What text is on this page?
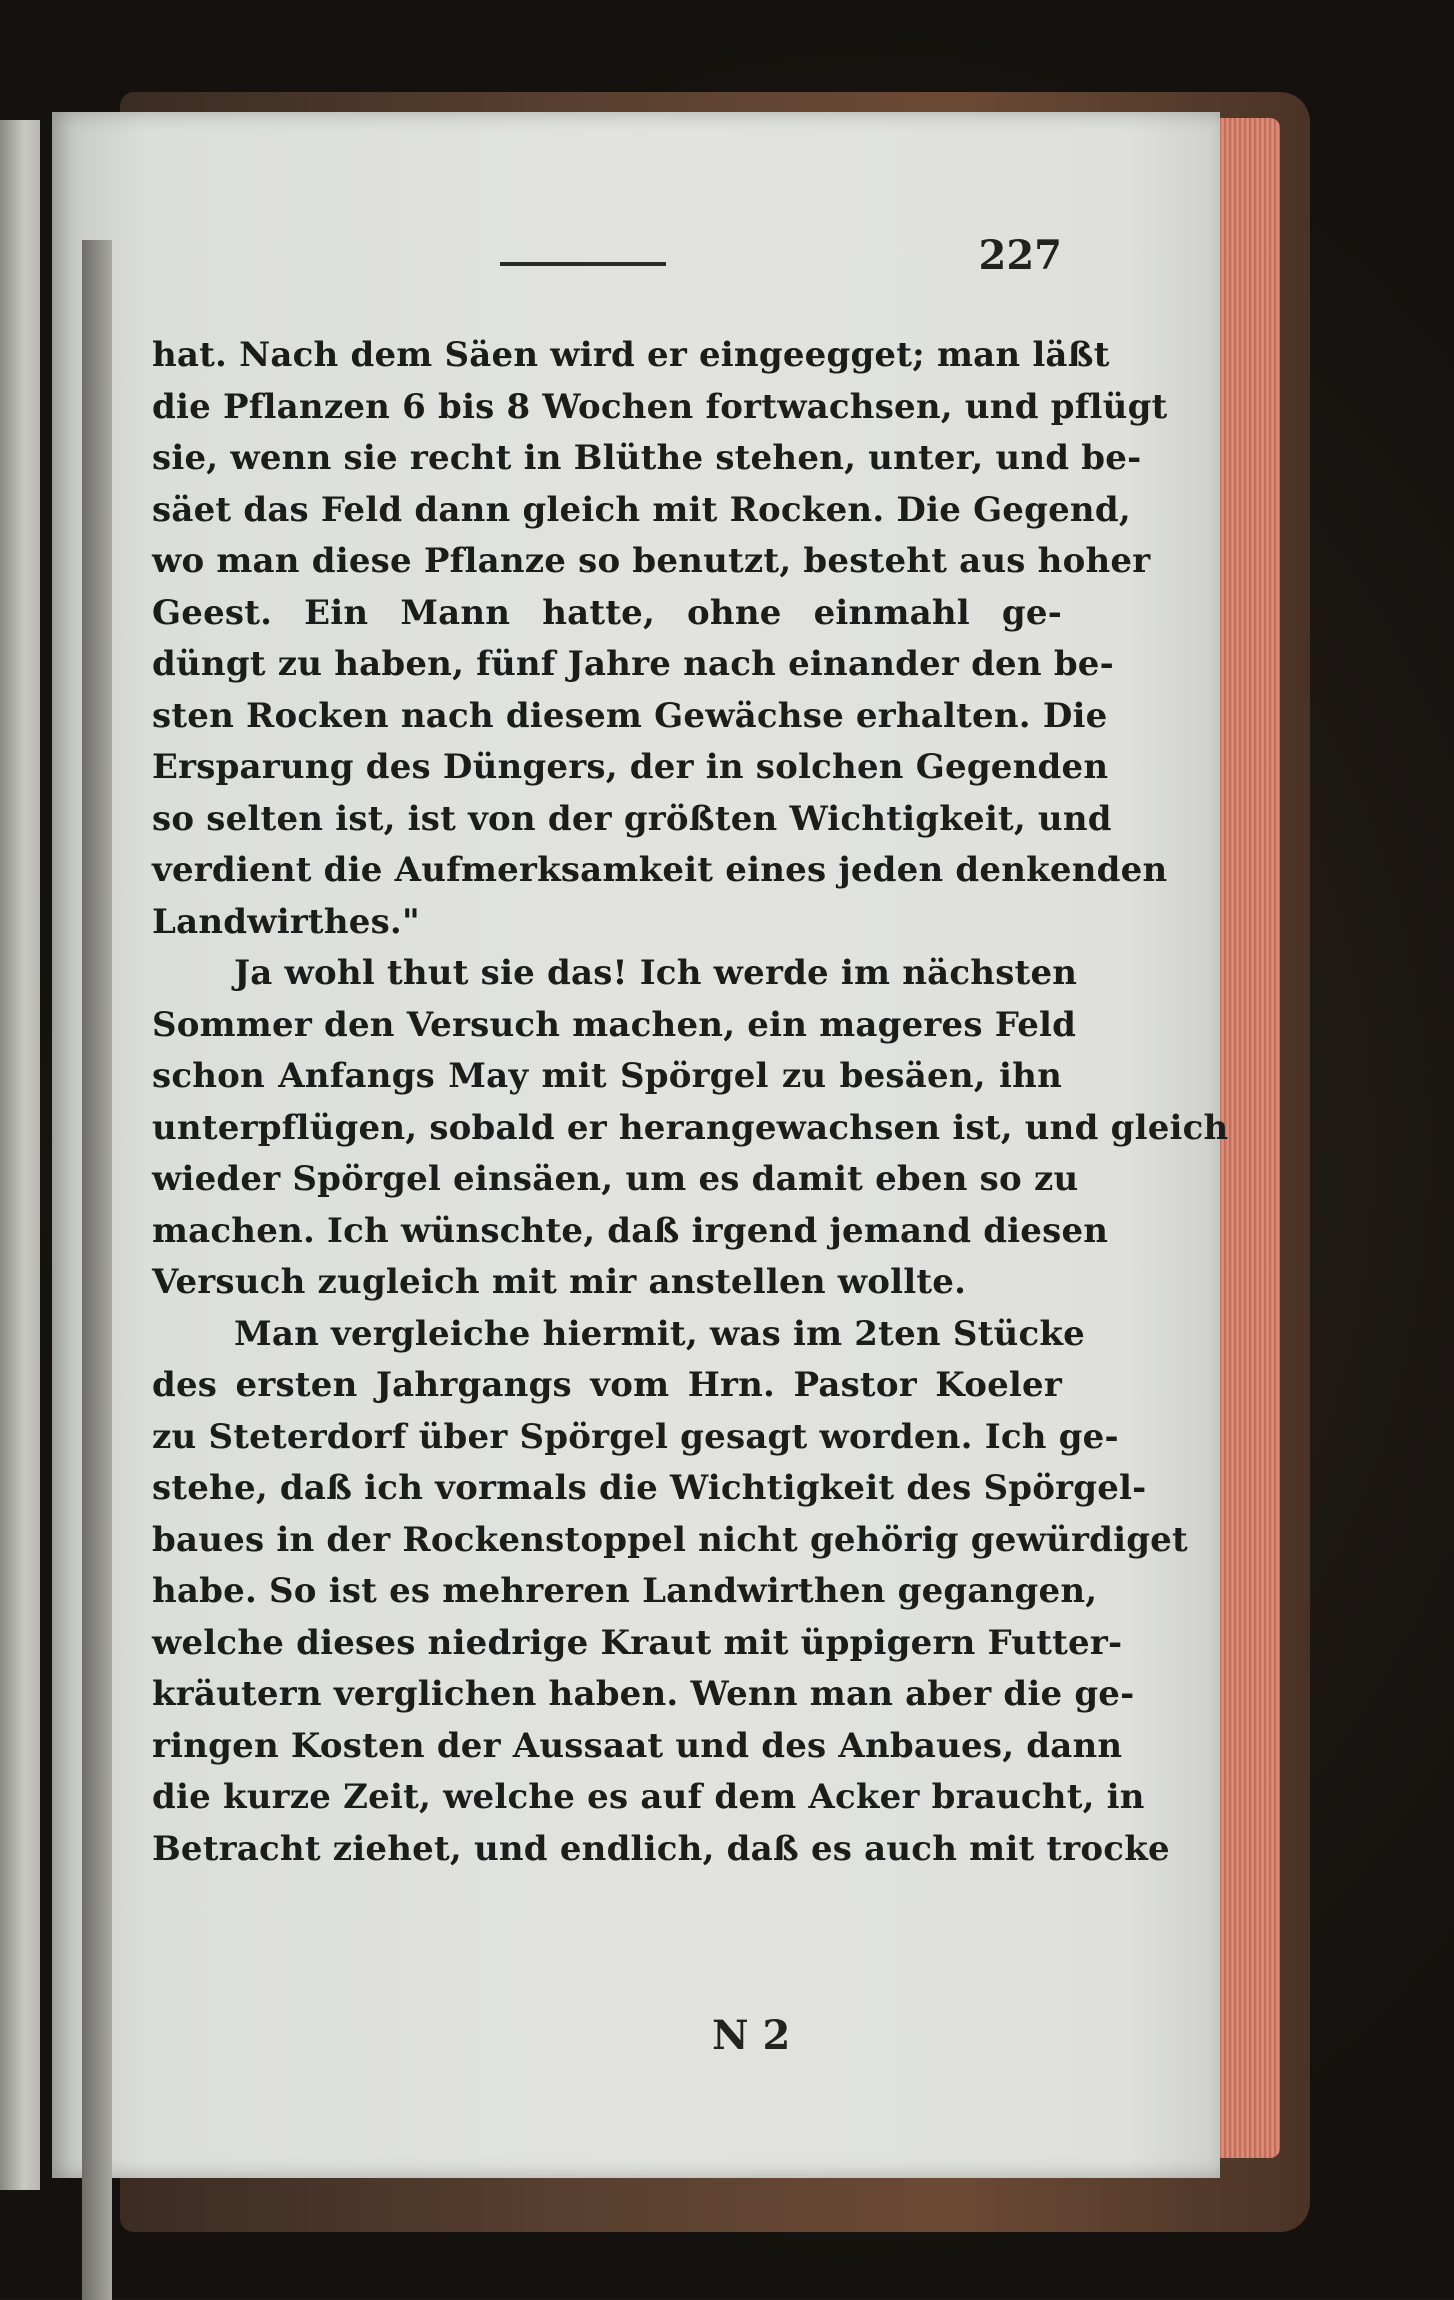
227
hat. Nach dem Säen wird er eingeegget; man läßt
die Pflanzen 6 bis 8 Wochen fortwachsen, und pflügt
sie, wenn sie recht in Blüthe stehen, unter, und be-
säet das Feld dann gleich mit Rocken. Die Gegend,
wo man diese Pflanze so benutzt, besteht aus hoher
Geest. Ein Mann hatte, ohne einmahl ge-
düngt zu haben, fünf Jahre nach einander den be-
sten Rocken nach diesem Gewächse erhalten. Die
Ersparung des Düngers, der in solchen Gegenden
so selten ist, ist von der größten Wichtigkeit, und
verdient die Aufmerksamkeit eines jeden denkenden
Landwirthes."
Ja wohl thut sie das! Ich werde im nächsten
Sommer den Versuch machen, ein mageres Feld
schon Anfangs May mit Spörgel zu besäen, ihn
unterpflügen, sobald er herangewachsen ist, und gleich
wieder Spörgel einsäen, um es damit eben so zu
machen. Ich wünschte, daß irgend jemand diesen
Versuch zugleich mit mir anstellen wollte.
Man vergleiche hiermit, was im 2ten Stücke
des ersten Jahrgangs vom Hrn. Pastor Koeler
zu Steterdorf über Spörgel gesagt worden. Ich ge-
stehe, daß ich vormals die Wichtigkeit des Spörgel-
baues in der Rockenstoppel nicht gehörig gewürdiget
habe. So ist es mehreren Landwirthen gegangen,
welche dieses niedrige Kraut mit üppigern Futter-
kräutern verglichen haben. Wenn man aber die ge-
ringen Kosten der Aussaat und des Anbaues, dann
die kurze Zeit, welche es auf dem Acker braucht, in
Betracht ziehet, und endlich, daß es auch mit trocke
N 2
